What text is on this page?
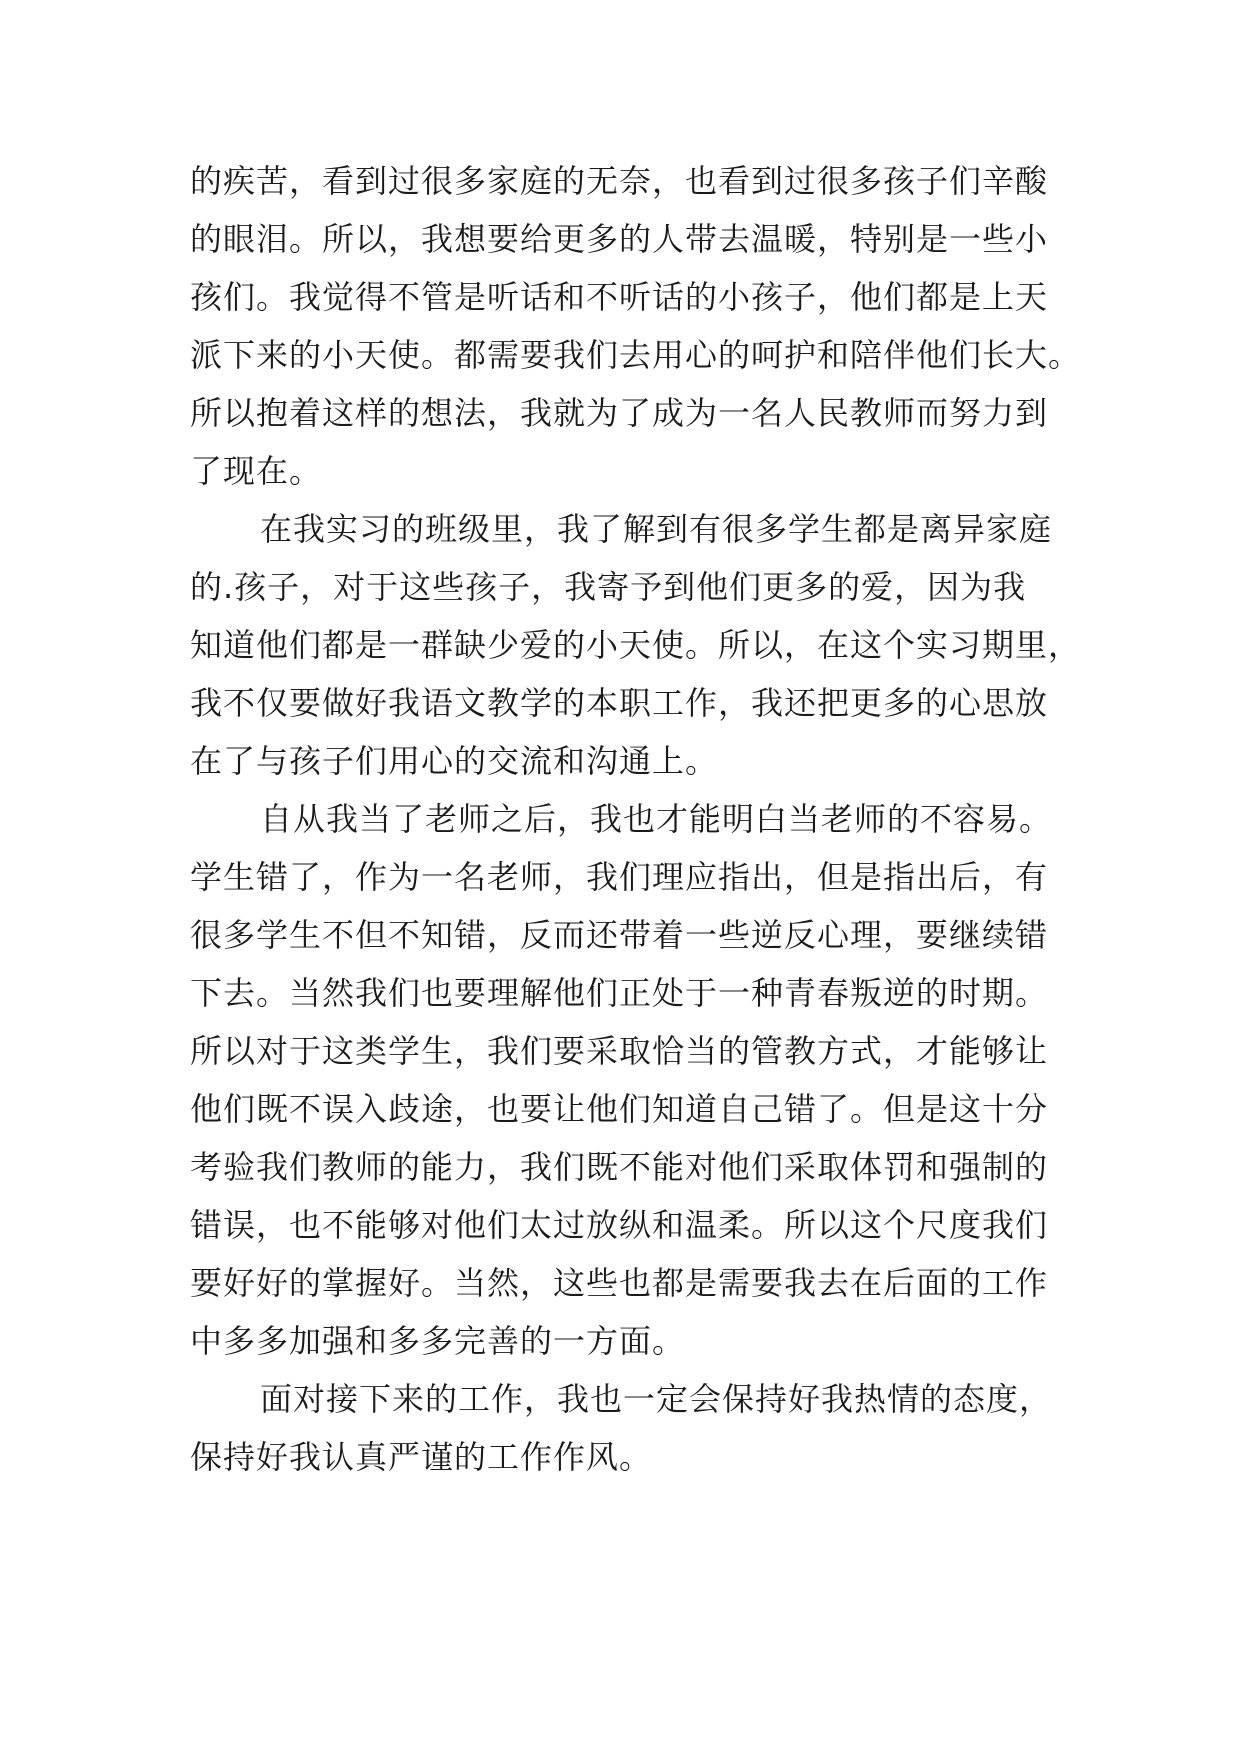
的疾苦，看到过很多家庭的无奈，也看到过很多孩子们辛酸
的眼泪。所以，我想要给更多的人带去温暖，特别是一些小
孩们。我觉得不管是听话和不听话的小孩子，他们都是上天
派下来的小天使。都需要我们去用心的呵护和陪伴他们长大。
所以抱着这样的想法，我就为了成为一名人民教师而努力到
了现在。
在我实习的班级里，我了解到有很多学生都是离异家庭
的.孩子，对于这些孩子，我寄予到他们更多的爱，因为我
知道他们都是一群缺少爱的小天使。所以，在这个实习期里，
我不仅要做好我语文教学的本职工作，我还把更多的心思放
在了与孩子们用心的交流和沟通上。
自从我当了老师之后，我也才能明白当老师的不容易。
学生错了，作为一名老师，我们理应指出，但是指出后，有
很多学生不但不知错，反而还带着一些逆反心理，要继续错
下去。当然我们也要理解他们正处于一种青春叛逆的时期。
所以对于这类学生，我们要采取恰当的管教方式，才能够让
他们既不误入歧途，也要让他们知道自己错了。但是这十分
考验我们教师的能力，我们既不能对他们采取体罚和强制的
错误，也不能够对他们太过放纵和温柔。所以这个尺度我们
要好好的掌握好。当然，这些也都是需要我去在后面的工作
中多多加强和多多完善的一方面。
面对接下来的工作，我也一定会保持好我热情的态度，
保持好我认真严谨的工作作风。
